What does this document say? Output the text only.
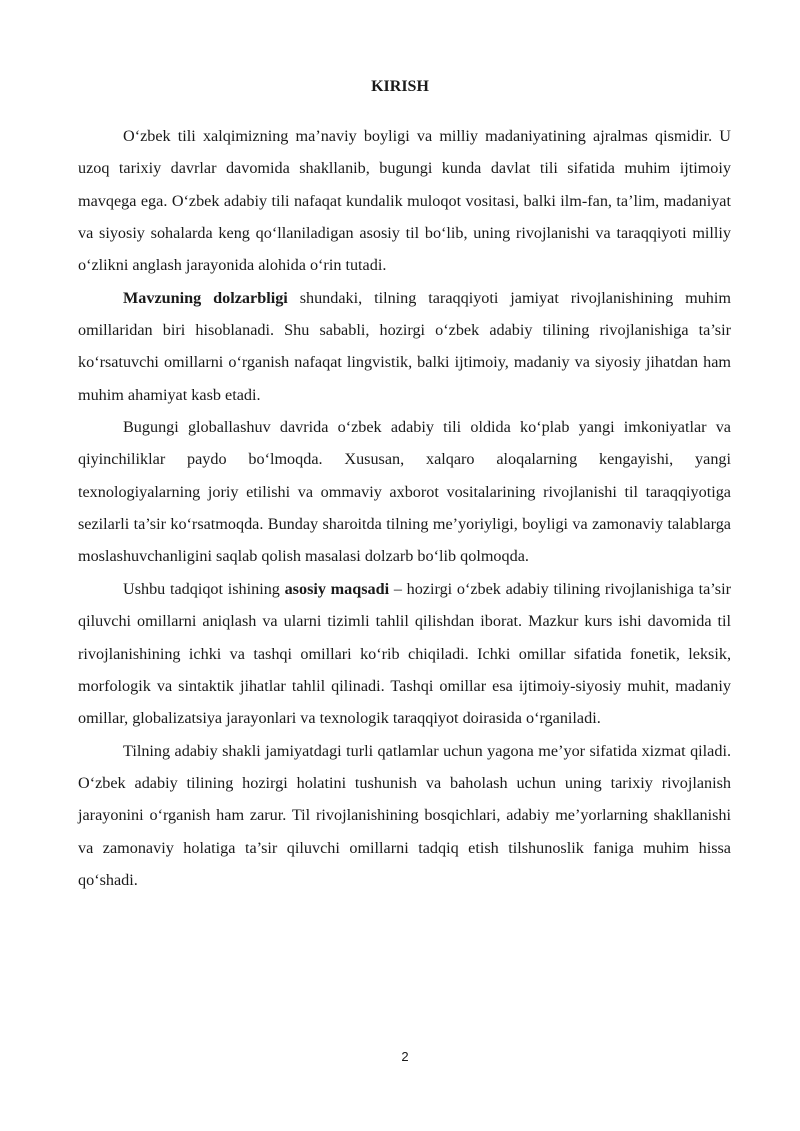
KIRISH

O‘zbek tili xalqimizning ma’naviy boyligi va milliy madaniyatining ajralmas qismidir. U uzoq tarixiy davrlar davomida shakllanib, bugungi kunda davlat tili sifatida muhim ijtimoiy mavqega ega. O‘zbek adabiy tili nafaqat kundalik muloqot vositasi, balki ilm-fan, ta’lim, madaniyat va siyosiy sohalarda keng qo‘llaniladigan asosiy til bo‘lib, uning rivojlanishi va taraqqiyoti milliy o‘zlikni anglash jarayonida alohida o‘rin tutadi.

Mavzuning dolzarbligi shundaki, tilning taraqqiyoti jamiyat rivojlanishining muhim omillaridan biri hisoblanadi. Shu sababli, hozirgi o‘zbek adabiy tilining rivojlanishiga ta’sir ko‘rsatuvchi omillarni o‘rganish nafaqat lingvistik, balki ijtimoiy, madaniy va siyosiy jihatdan ham muhim ahamiyat kasb etadi.

Bugungi globallashuv davrida o‘zbek adabiy tili oldida ko‘plab yangi imkoniyatlar va qiyinchiliklar paydo bo‘lmoqda. Xususan, xalqaro aloqalarning kengayishi, yangi texnologiyalarning joriy etilishi va ommaviy axborot vositalarining rivojlanishi til taraqqiyotiga sezilarli ta’sir ko‘rsatmoqda. Bunday sharoitda tilning me’yoriyligi, boyligi va zamonaviy talablarga moslashuvchanligini saqlab qolish masalasi dolzarb bo‘lib qolmoqda.

Ushbu tadqiqot ishining asosiy maqsadi – hozirgi o‘zbek adabiy tilining rivojlanishiga ta’sir qiluvchi omillarni aniqlash va ularni tizimli tahlil qilishdan iborat. Mazkur kurs ishi davomida til rivojlanishining ichki va tashqi omillari ko‘rib chiqiladi. Ichki omillar sifatida fonetik, leksik, morfologik va sintaktik jihatlar tahlil qilinadi. Tashqi omillar esa ijtimoiy-siyosiy muhit, madaniy omillar, globalizatsiya jarayonlari va texnologik taraqqiyot doirasida o‘rganiladi.

Tilning adabiy shakli jamiyatdagi turli qatlamlar uchun yagona me’yor sifatida xizmat qiladi. O‘zbek adabiy tilining hozirgi holatini tushunish va baholash uchun uning tarixiy rivojlanish jarayonini o‘rganish ham zarur. Til rivojlanishining bosqichlari, adabiy me’yorlarning shakllanishi va zamonaviy holatiga ta’sir qiluvchi omillarni tadqiq etish tilshunoslik faniga muhim hissa qo‘shadi.

2
